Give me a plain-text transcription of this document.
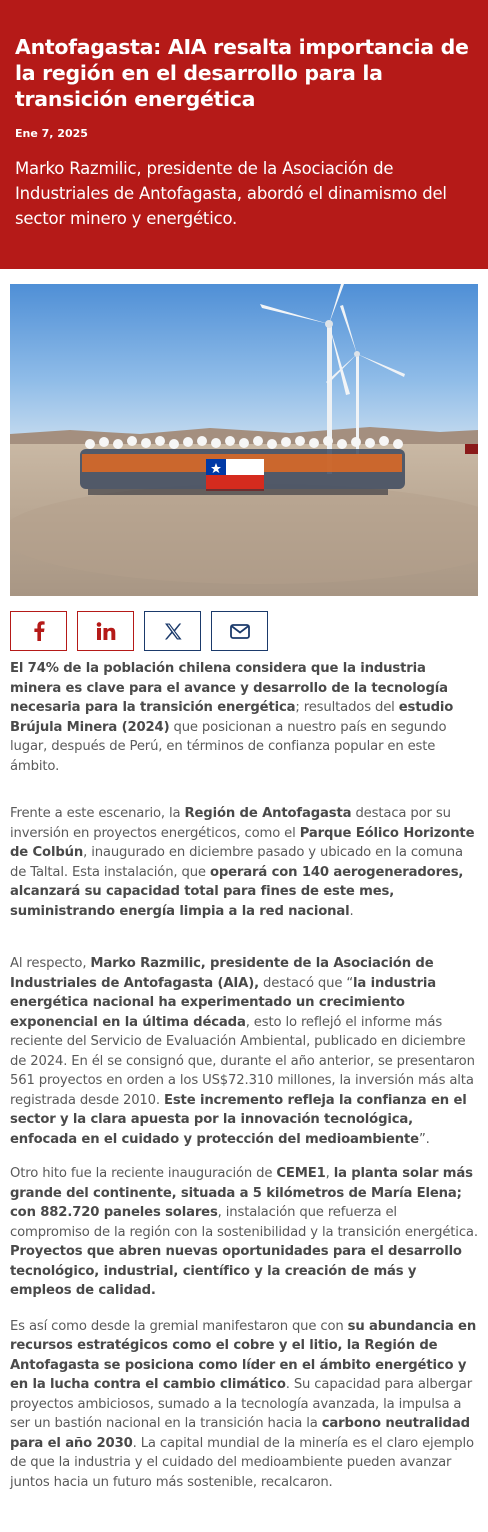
Antofagasta: AIA resalta importancia de la región en el desarrollo para la transición energética
Ene 7, 2025
Marko Razmilic, presidente de la Asociación de Industriales de Antofagasta, abordó el dinamismo del sector minero y energético.

El 74% de la población chilena considera que la industria minera es clave para el avance y desarrollo de la tecnología necesaria para la transición energética; resultados del estudio Brújula Minera (2024) que posicionan a nuestro país en segundo lugar, después de Perú, en términos de confianza popular en este ámbito.

Frente a este escenario, la Región de Antofagasta destaca por su inversión en proyectos energéticos, como el Parque Eólico Horizonte de Colbún, inaugurado en diciembre pasado y ubicado en la comuna de Taltal. Esta instalación, que operará con 140 aerogeneradores, alcanzará su capacidad total para fines de este mes, suministrando energía limpia a la red nacional.

Al respecto, Marko Razmilic, presidente de la Asociación de Industriales de Antofagasta (AIA), destacó que “la industria energética nacional ha experimentado un crecimiento exponencial en la última década, esto lo reflejó el informe más reciente del Servicio de Evaluación Ambiental, publicado en diciembre de 2024. En él se consignó que, durante el año anterior, se presentaron 561 proyectos en orden a los US$72.310 millones, la inversión más alta registrada desde 2010. Este incremento refleja la confianza en el sector y la clara apuesta por la innovación tecnológica, enfocada en el cuidado y protección del medioambiente”.

Otro hito fue la reciente inauguración de CEME1, la planta solar más grande del continente, situada a 5 kilómetros de María Elena; con 882.720 paneles solares, instalación que refuerza el compromiso de la región con la sostenibilidad y la transición energética. Proyectos que abren nuevas oportunidades para el desarrollo tecnológico, industrial, científico y la creación de más y empleos de calidad.

Es así como desde la gremial manifestaron que con su abundancia en recursos estratégicos como el cobre y el litio, la Región de Antofagasta se posiciona como líder en el ámbito energético y en la lucha contra el cambio climático. Su capacidad para albergar proyectos ambiciosos, sumado a la tecnología avanzada, la impulsa a ser un bastión nacional en la transición hacia la carbono neutralidad para el año 2030. La capital mundial de la minería es el claro ejemplo de que la industria y el cuidado del medioambiente pueden avanzar juntos hacia un futuro más sostenible, recalcaron.
